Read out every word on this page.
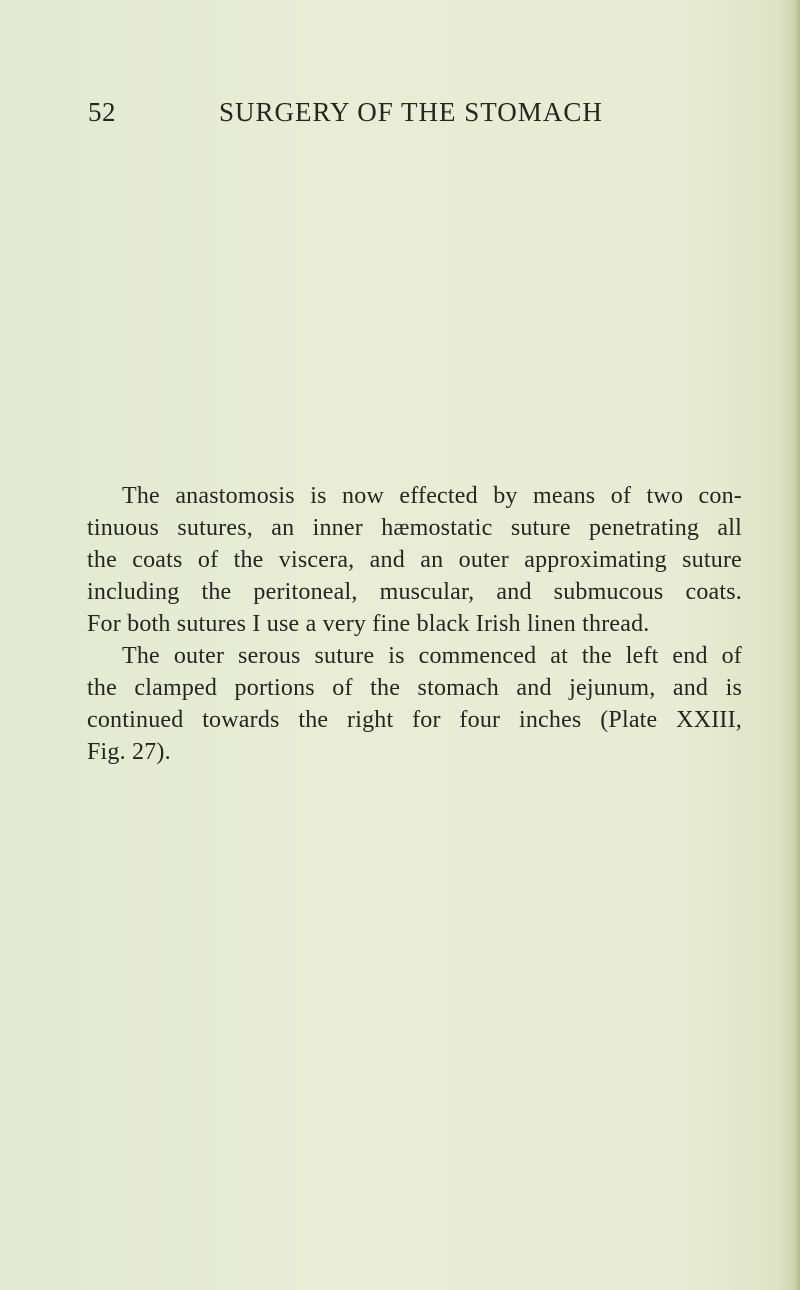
52	SURGERY OF THE STOMACH
The anastomosis is now effected by means of two con-
tinuous sutures, an inner hæmostatic suture penetrating all
the coats of the viscera, and an outer approximating suture
including the peritoneal, muscular, and submucous coats.
For both sutures I use a very fine black Irish linen thread.
The outer serous suture is commenced at the left end of
the clamped portions of the stomach and jejunum, and is
continued towards the right for four inches (Plate XXIII,
Fig. 27).
